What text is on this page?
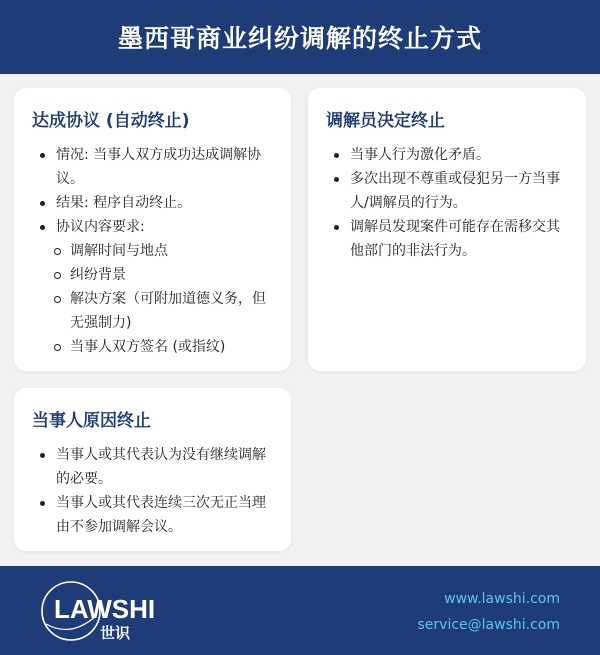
墨西哥商业纠纷调解的终止方式
达成协议 (自动终止)
情况: 当事人双方成功达成调解协议。
结果: 程序自动终止。
协议内容要求:
调解时间与地点
纠纷背景
解决方案（可附加道德义务，但无强制力)
当事人双方签名 (或指纹)
调解员决定终止
当事人行为激化矛盾。
多次出现不尊重或侵犯另一方当事人/调解员的行为。
调解员发现案件可能存在需移交其他部门的非法行为。
当事人原因终止
当事人或其代表认为没有继续调解的必要。
当事人或其代表连续三次无正当理由不参加调解会议。
LAWSHI
世识
www.lawshi.com
service@lawshi.com
